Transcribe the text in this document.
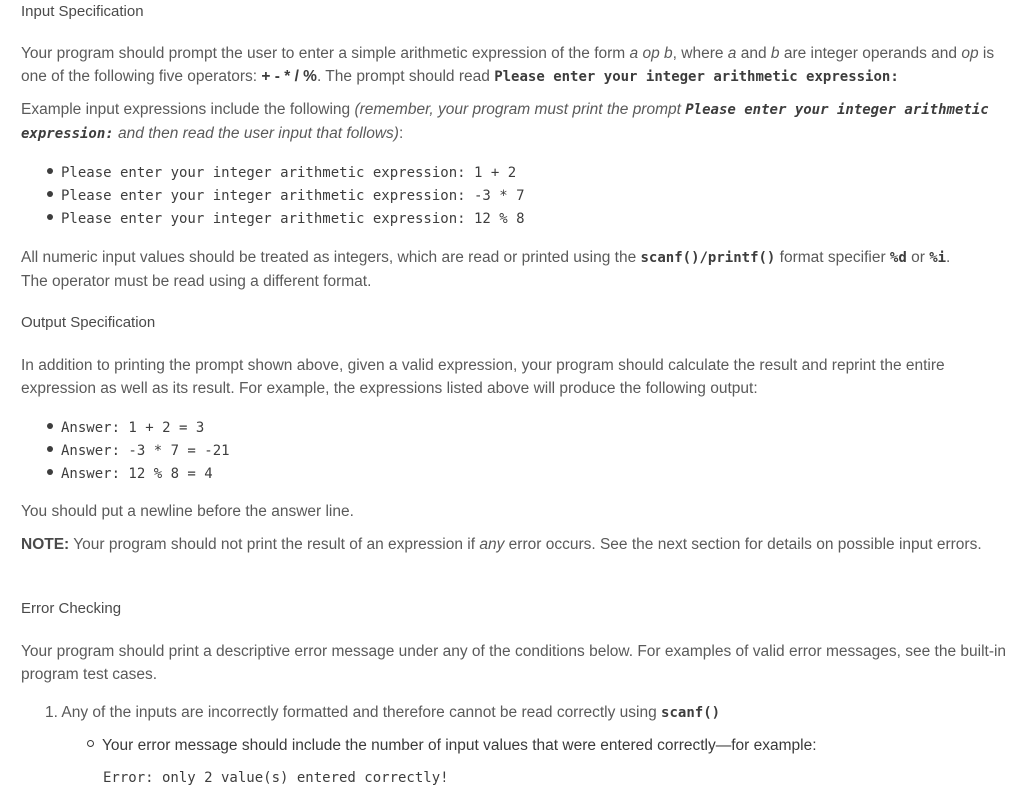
Input Specification
Your program should prompt the user to enter a simple arithmetic expression of the form a op b, where a and b are integer operands and op is one of the following five operators: + - * / %. The prompt should read Please enter your integer arithmetic expression:
Example input expressions include the following (remember, your program must print the prompt Please enter your integer arithmetic expression: and then read the user input that follows):
Please enter your integer arithmetic expression: 1 + 2
Please enter your integer arithmetic expression: -3 * 7
Please enter your integer arithmetic expression: 12 % 8
All numeric input values should be treated as integers, which are read or printed using the scanf()/printf() format specifier %d or %i.
The operator must be read using a different format.
Output Specification
In addition to printing the prompt shown above, given a valid expression, your program should calculate the result and reprint the entire expression as well as its result. For example, the expressions listed above will produce the following output:
Answer: 1 + 2 = 3
Answer: -3 * 7 = -21
Answer: 12 % 8 = 4
You should put a newline before the answer line.
NOTE: Your program should not print the result of an expression if any error occurs. See the next section for details on possible input errors.
Error Checking
Your program should print a descriptive error message under any of the conditions below. For examples of valid error messages, see the built-in program test cases.
1. Any of the inputs are incorrectly formatted and therefore cannot be read correctly using scanf()
Your error message should include the number of input values that were entered correctly—for example:
Error: only 2 value(s) entered correctly!
